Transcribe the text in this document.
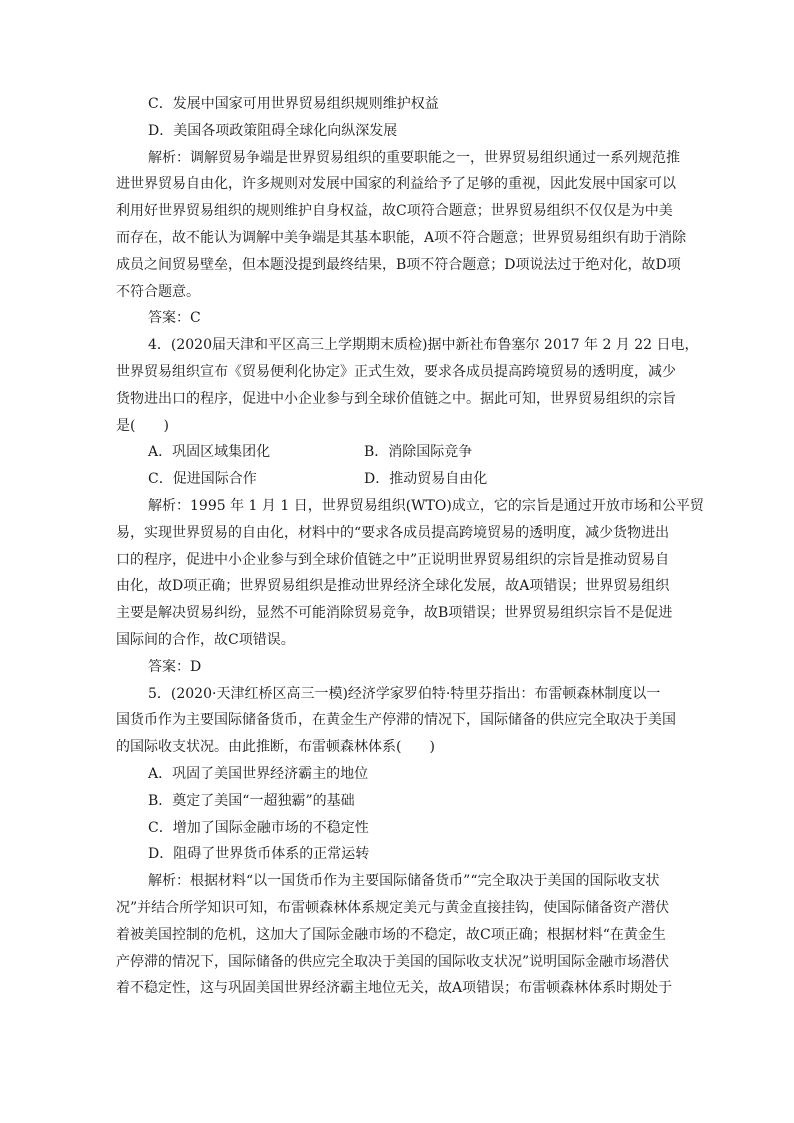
C．发展中国家可用世界贸易组织规则维护权益
D．美国各项政策阻碍全球化向纵深发展
解析：调解贸易争端是世界贸易组织的重要职能之一，世界贸易组织通过一系列规范推
进世界贸易自由化，许多规则对发展中国家的利益给予了足够的重视，因此发展中国家可以
利用好世界贸易组织的规则维护自身权益，故C项符合题意；世界贸易组织不仅仅是为中美
而存在，故不能认为调解中美争端是其基本职能，A项不符合题意；世界贸易组织有助于消除
成员之间贸易壁垒，但本题没提到最终结果，B项不符合题意；D项说法过于绝对化，故D项
不符合题意。
答案：C
4．(2020届天津和平区高三上学期期末质检)据中新社布鲁塞尔 2017 年 2 月 22 日电，
世界贸易组织宣布《贸易便利化协定》正式生效，要求各成员提高跨境贸易的透明度，减少
货物进出口的程序，促进中小企业参与到全球价值链之中。据此可知，世界贸易组织的宗旨
是(　　)
A．巩固区域集团化	B．消除国际竞争
C．促进国际合作	D．推动贸易自由化
解析：1995 年 1 月 1 日，世界贸易组织(WTO)成立，它的宗旨是通过开放市场和公平贸
易，实现世界贸易的自由化，材料中的“要求各成员提高跨境贸易的透明度，减少货物进出
口的程序，促进中小企业参与到全球价值链之中”正说明世界贸易组织的宗旨是推动贸易自
由化，故D项正确；世界贸易组织是推动世界经济全球化发展，故A项错误；世界贸易组织
主要是解决贸易纠纷，显然不可能消除贸易竞争，故B项错误；世界贸易组织宗旨不是促进
国际间的合作，故C项错误。
答案：D
5．(2020·天津红桥区高三一模)经济学家罗伯特·特里芬指出：布雷顿森林制度以一
国货币作为主要国际储备货币，在黄金生产停滞的情况下，国际储备的供应完全取决于美国
的国际收支状况。由此推断，布雷顿森林体系(　　)
A．巩固了美国世界经济霸主的地位
B．奠定了美国“一超独霸”的基础
C．增加了国际金融市场的不稳定性
D．阻碍了世界货币体系的正常运转
解析：根据材料“以一国货币作为主要国际储备货币”“完全取决于美国的国际收支状
况”并结合所学知识可知，布雷顿森林体系规定美元与黄金直接挂钩，使国际储备资产潜伏
着被美国控制的危机，这加大了国际金融市场的不稳定，故C项正确；根据材料“在黄金生
产停滞的情况下，国际储备的供应完全取决于美国的国际收支状况”说明国际金融市场潜伏
着不稳定性，这与巩固美国世界经济霸主地位无关，故A项错误；布雷顿森林体系时期处于
